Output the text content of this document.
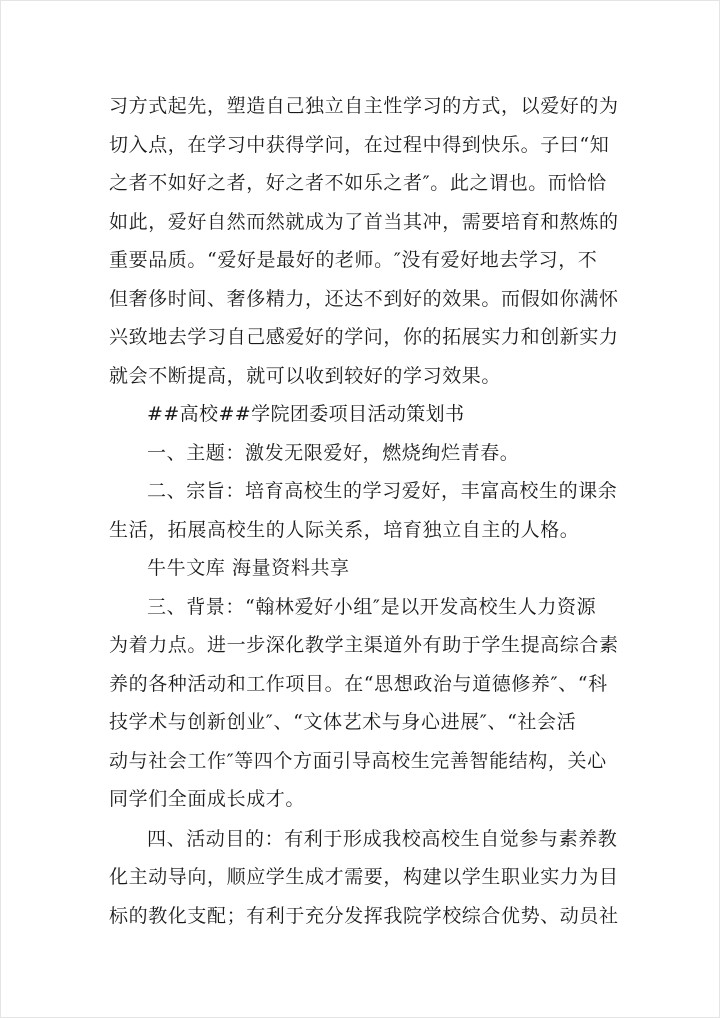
习方式起先，塑造自己独立自主性学习的方式，以爱好的为
切入点，在学习中获得学问，在过程中得到快乐。子曰“知
之者不如好之者，好之者不如乐之者″。此之谓也。而恰恰
如此，爱好自然而然就成为了首当其冲，需要培育和熬炼的
重要品质。“爱好是最好的老师。″没有爱好地去学习，不
但奢侈时间、奢侈精力，还达不到好的效果。而假如你满怀
兴致地去学习自己感爱好的学问，你的拓展实力和创新实力
就会不断提高，就可以收到较好的学习效果。
##高校##学院团委项目活动策划书
一、主题：激发无限爱好，燃烧绚烂青春。
二、宗旨：培育高校生的学习爱好，丰富高校生的课余
生活，拓展高校生的人际关系，培育独立自主的人格。
牛牛文库 海量资料共享
三、背景：“翰林爱好小组″是以开发高校生人力资源
为着力点。进一步深化教学主渠道外有助于学生提高综合素
养的各种活动和工作项目。在“思想政治与道德修养″、“科
技学术与创新创业″、“文体艺术与身心进展″、“社会活
动与社会工作″等四个方面引导高校生完善智能结构，关心
同学们全面成长成才。
四、活动目的：有利于形成我校高校生自觉参与素养教
化主动导向，顺应学生成才需要，构建以学生职业实力为目
标的教化支配；有利于充分发挥我院学校综合优势、动员社
